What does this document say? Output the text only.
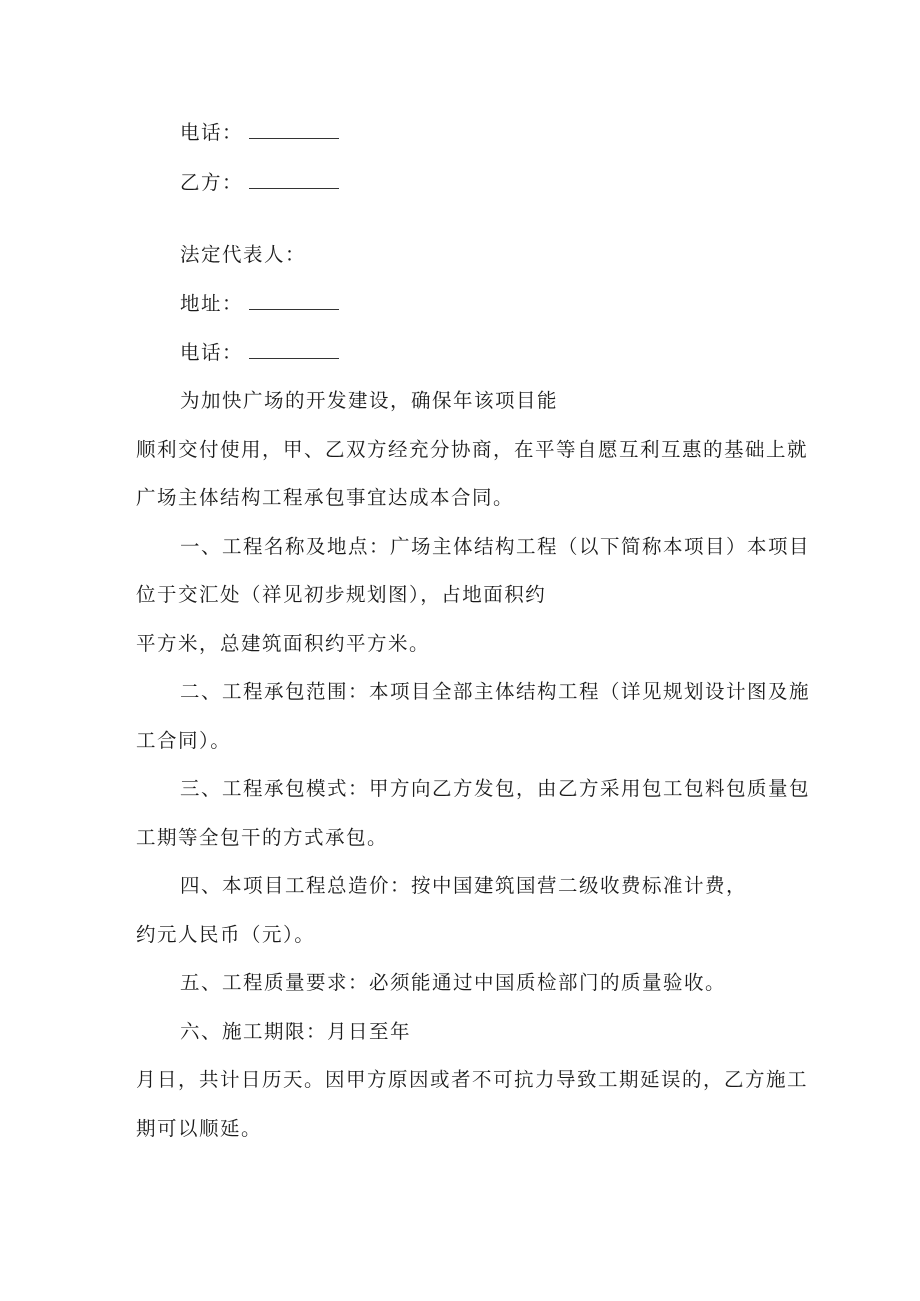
电话：
乙方：
法定代表人：
地址：
电话：
为加快广场的开发建设，确保年该项目能
顺利交付使用，甲、乙双方经充分协商，在平等自愿互利互惠的基础上就
广场主体结构工程承包事宜达成本合同。
一、工程名称及地点：广场主体结构工程（以下简称本项目）本项目
位于交汇处（祥见初步规划图），占地面积约
平方米，总建筑面积约平方米。
二、工程承包范围：本项目全部主体结构工程（详见规划设计图及施
工合同）。
三、工程承包模式：甲方向乙方发包，由乙方采用包工包料包质量包
工期等全包干的方式承包。
四、本项目工程总造价：按中国建筑国营二级收费标准计费，
约元人民币（元）。
五、工程质量要求：必须能通过中国质检部门的质量验收。
六、施工期限：月日至年
月日，共计日历天。因甲方原因或者不可抗力导致工期延误的，乙方施工
期可以顺延。
